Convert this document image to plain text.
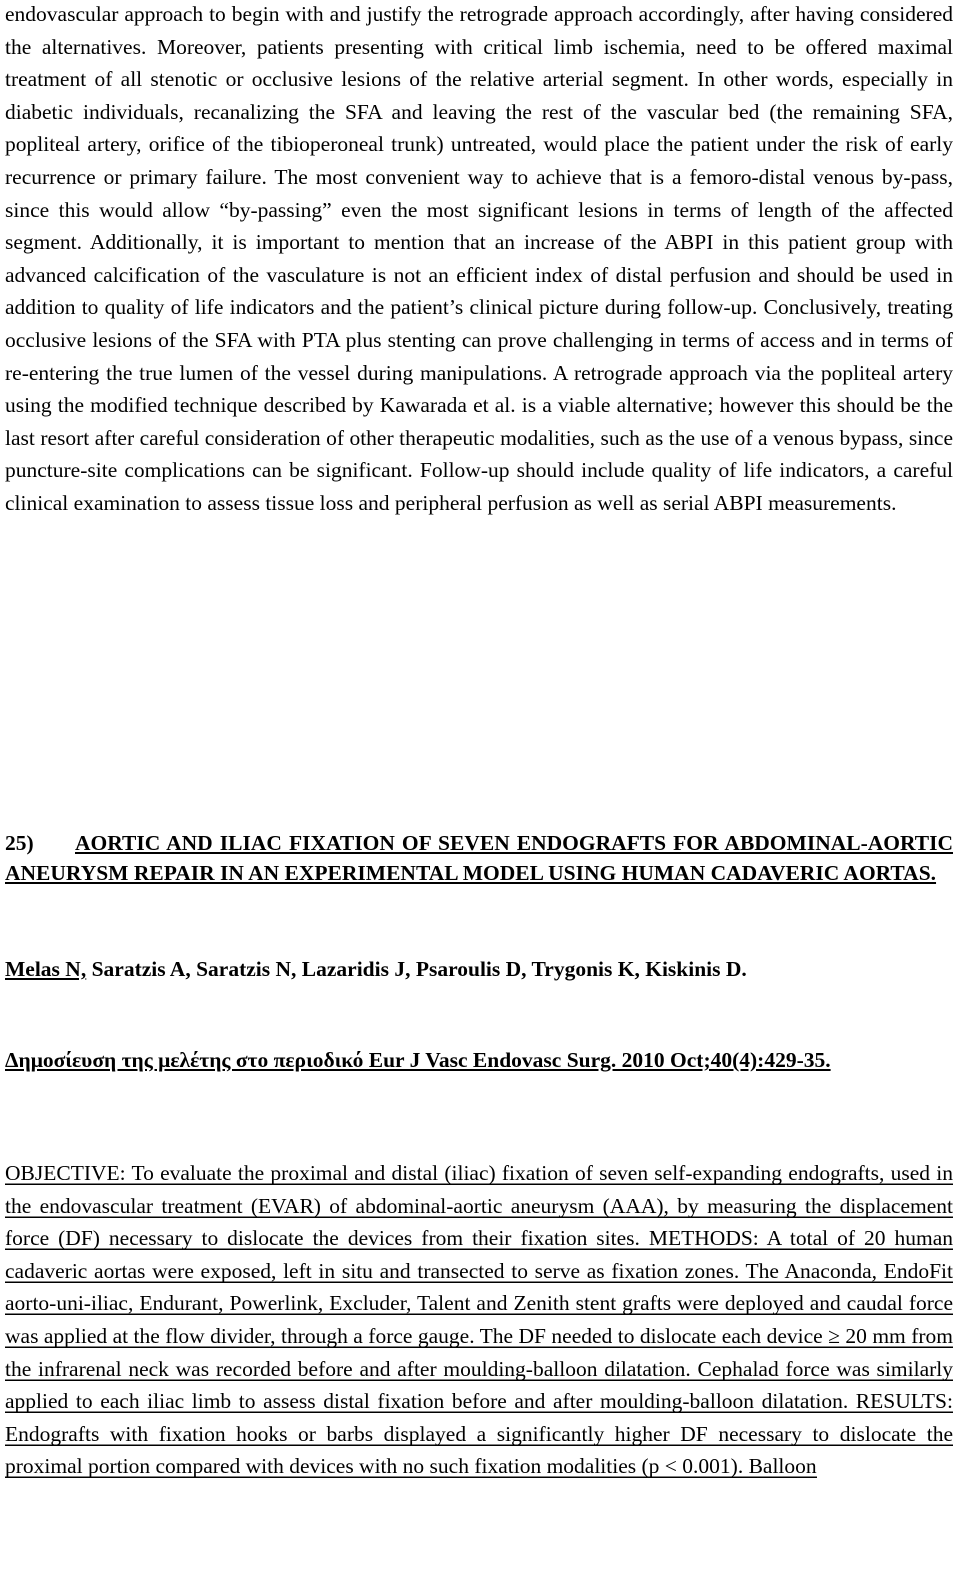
endovascular approach to begin with and justify the retrograde approach accordingly, after having considered the alternatives. Moreover, patients presenting with critical limb ischemia, need to be offered maximal treatment of all stenotic or occlusive lesions of the relative arterial segment. In other words, especially in diabetic individuals, recanalizing the SFA and leaving the rest of the vascular bed (the remaining SFA, popliteal artery, orifice of the tibioperoneal trunk) untreated, would place the patient under the risk of early recurrence or primary failure. The most convenient way to achieve that is a femoro-distal venous by-pass, since this would allow “by-passing” even the most significant lesions in terms of length of the affected segment. Additionally, it is important to mention that an increase of the ABPI in this patient group with advanced calcification of the vasculature is not an efficient index of distal perfusion and should be used in addition to quality of life indicators and the patient’s clinical picture during follow-up. Conclusively, treating occlusive lesions of the SFA with PTA plus stenting can prove challenging in terms of access and in terms of re-entering the true lumen of the vessel during manipulations. A retrograde approach via the popliteal artery using the modified technique described by Kawarada et al. is a viable alternative; however this should be the last resort after careful consideration of other therapeutic modalities, such as the use of a venous bypass, since puncture-site complications can be significant. Follow-up should include quality of life indicators, a careful clinical examination to assess tissue loss and peripheral perfusion as well as serial ABPI measurements.

25) AORTIC AND ILIAC FIXATION OF SEVEN ENDOGRAFTS FOR ABDOMINAL-AORTIC ANEURYSM REPAIR IN AN EXPERIMENTAL MODEL USING HUMAN CADAVERIC AORTAS.

Melas N, Saratzis A, Saratzis N, Lazaridis J, Psaroulis D, Trygonis K, Kiskinis D.

Δημοσίευση της μελέτης στο περιοδικό Eur J Vasc Endovasc Surg. 2010 Oct;40(4):429-35.

OBJECTIVE: To evaluate the proximal and distal (iliac) fixation of seven self-expanding endografts, used in the endovascular treatment (EVAR) of abdominal-aortic aneurysm (AAA), by measuring the displacement force (DF) necessary to dislocate the devices from their fixation sites. METHODS: A total of 20 human cadaveric aortas were exposed, left in situ and transected to serve as fixation zones. The Anaconda, EndoFit aorto-uni-iliac, Endurant, Powerlink, Excluder, Talent and Zenith stent grafts were deployed and caudal force was applied at the flow divider, through a force gauge. The DF needed to dislocate each device ≥ 20 mm from the infrarenal neck was recorded before and after moulding-balloon dilatation. Cephalad force was similarly applied to each iliac limb to assess distal fixation before and after moulding-balloon dilatation. RESULTS: Endografts with fixation hooks or barbs displayed a significantly higher DF necessary to dislocate the proximal portion compared with devices with no such fixation modalities (p < 0.001). Balloon
